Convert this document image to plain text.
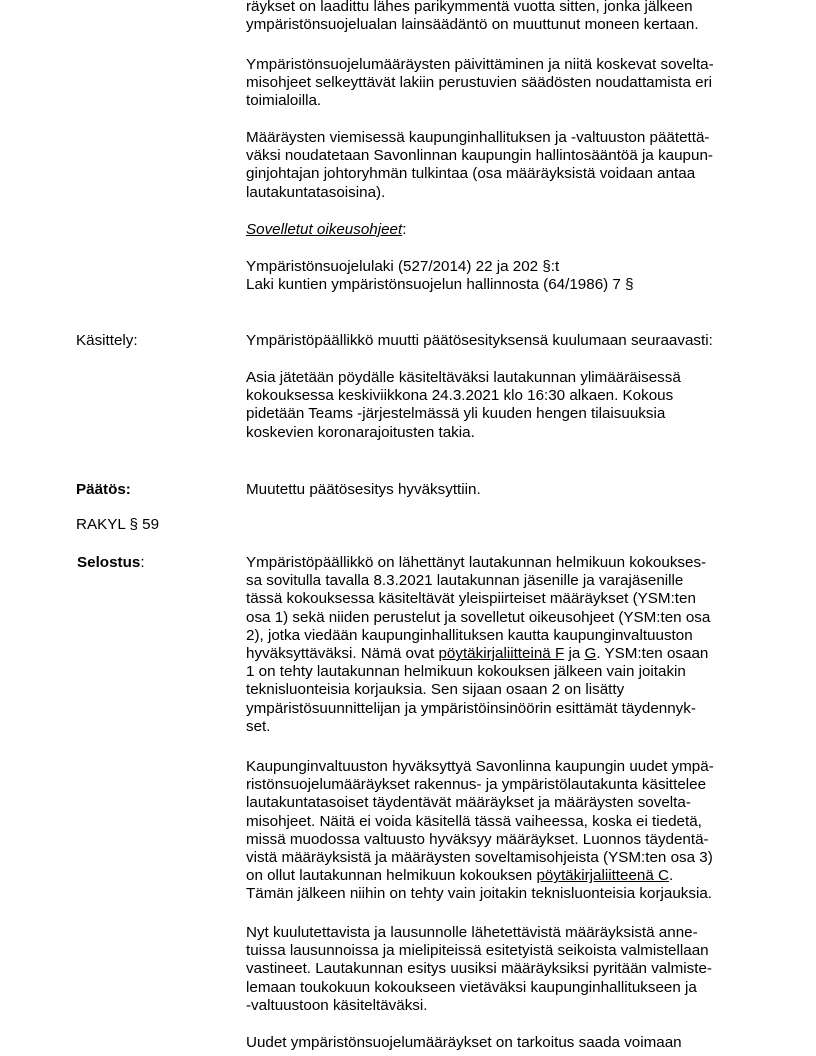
räykset on laadittu lähes parikymmentä vuotta sitten, jonka jälkeen
ympäristönsuojelualan lainsäädäntö on muuttunut moneen kertaan.

Ympäristönsuojelumääräysten päivittäminen ja niitä koskevat sovelta-
misohjeet selkeyttävät lakiin perustuvien säädösten noudattamista eri
toimialoilla.

Määräysten viemisessä kaupunginhallituksen ja -valtuuston päätettä-
väksi noudatetaan Savonlinnan kaupungin hallintosääntöä ja kaupun-
ginjohtajan johtoryhmän tulkintaa (osa määräyksistä voidaan antaa
lautakuntatasoisina).

Sovelletut oikeusohjeet:

Ympäristönsuojelulaki (527/2014) 22 ja 202 §:t
Laki kuntien ympäristönsuojelun hallinnosta (64/1986) 7 §

Käsittely:	Ympäristöpäällikkö muutti päätösesityksensä kuulumaan seuraavasti:

Asia jätetään pöydälle käsiteltäväksi lautakunnan ylimääräisessä
kokouksessa keskiviikkona 24.3.2021 klo 16:30 alkaen. Kokous
pidetään Teams -järjestelmässä yli kuuden hengen tilaisuuksia
koskevien koronarajoitusten takia.

Päätös:	Muutettu päätösesitys hyväksyttiin.

RAKYL § 59

Selostus:	Ympäristöpäällikkö on lähettänyt lautakunnan helmikuun kokoukses-
sa sovitulla tavalla 8.3.2021 lautakunnan jäsenille ja varajäsenille
tässä kokouksessa käsiteltävät yleispiirteiset määräykset (YSM:ten
osa 1) sekä niiden perustelut ja sovelletut oikeusohjeet (YSM:ten osa
2), jotka viedään kaupunginhallituksen kautta kaupunginvaltuuston
hyväksyttäväksi. Nämä ovat pöytäkirjaliitteinä F ja G. YSM:ten osaan
1 on tehty lautakunnan helmikuun kokouksen jälkeen vain joitakin
teknisluonteisia korjauksia. Sen sijaan osaan 2 on lisätty
ympäristösuunnittelijan ja ympäristöinsinöörin esittämät täydennyk-
set.

Kaupunginvaltuuston hyväksyttyä Savonlinna kaupungin uudet ympä-
ristönsuojelumääräykset rakennus- ja ympäristölautakunta käsittelee
lautakuntatasoiset täydentävät määräykset ja määräysten sovelta-
misohjeet. Näitä ei voida käsitellä tässä vaiheessa, koska ei tiedetä,
missä muodossa valtuusto hyväksyy määräykset. Luonnos täydentä-
vistä määräyksistä ja määräysten soveltamisohjeista (YSM:ten osa 3)
on ollut lautakunnan helmikuun kokouksen pöytäkirjaliitteenä C.
Tämän jälkeen niihin on tehty vain joitakin teknisluonteisia korjauksia.

Nyt kuulutettavista ja lausunnolle lähetettävistä määräyksistä anne-
tuissa lausunnoissa ja mielipiteissä esitetyistä seikoista valmistellaan
vastineet. Lautakunnan esitys uusiksi määräyksiksi pyritään valmiste-
lemaan toukokuun kokoukseen vietäväksi kaupunginhallitukseen ja
-valtuustoon käsiteltäväksi.

Uudet ympäristönsuojelumääräykset on tarkoitus saada voimaan
